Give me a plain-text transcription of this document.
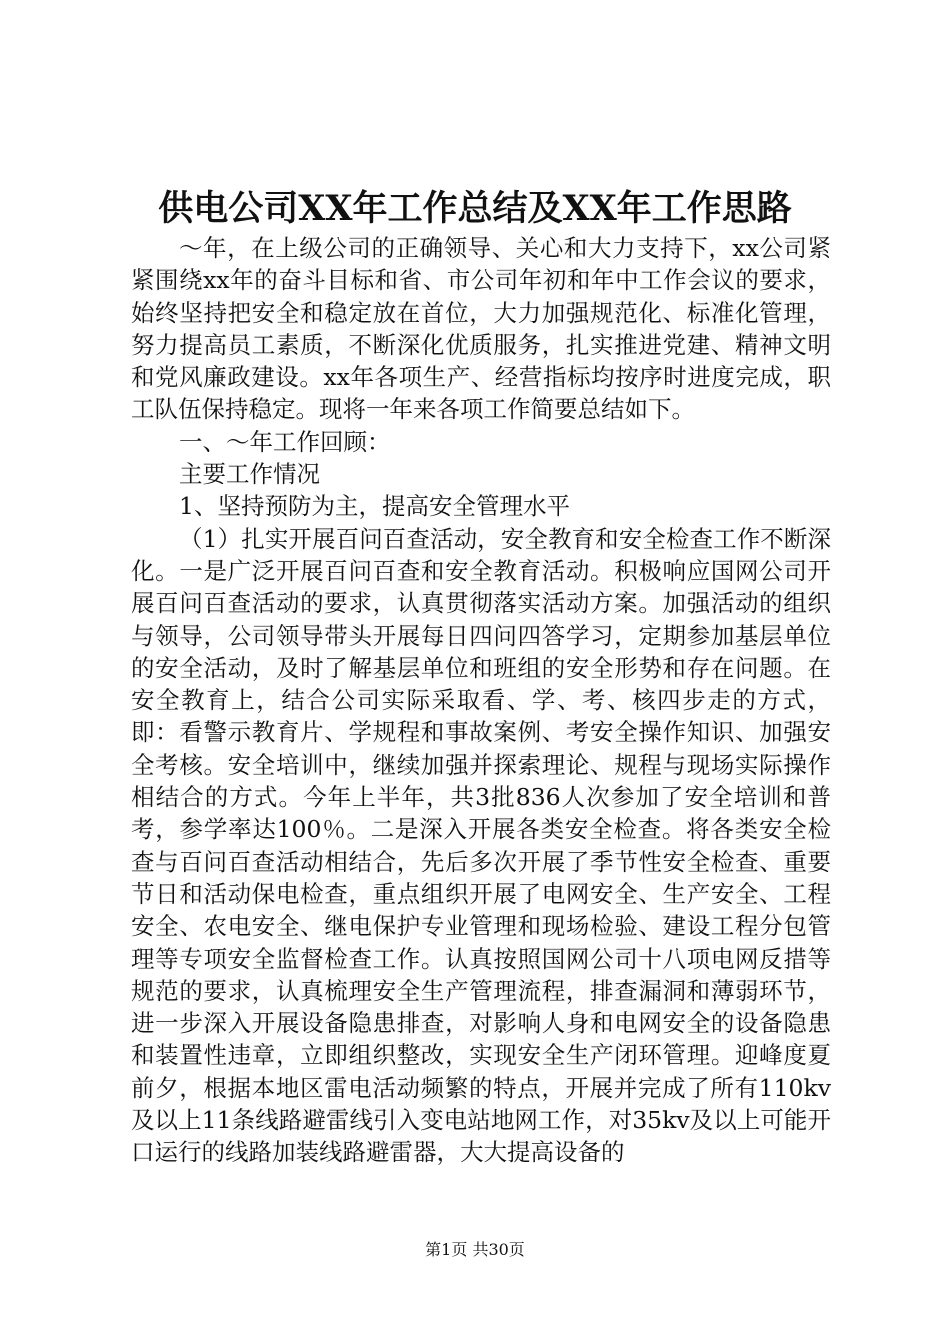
供电公司XX年工作总结及XX年工作思路

～年，在上级公司的正确领导、关心和大力支持下，xx公司紧紧围绕xx年的奋斗目标和省、市公司年初和年中工作会议的要求，始终坚持把安全和稳定放在首位，大力加强规范化、标准化管理，努力提高员工素质，不断深化优质服务，扎实推进党建、精神文明和党风廉政建设。xx年各项生产、经营指标均按序时进度完成，职工队伍保持稳定。现将一年来各项工作简要总结如下。

一、～年工作回顾：

主要工作情况

1、坚持预防为主，提高安全管理水平

（1）扎实开展百问百查活动，安全教育和安全检查工作不断深化。一是广泛开展百问百查和安全教育活动。积极响应国网公司开展百问百查活动的要求，认真贯彻落实活动方案。加强活动的组织与领导，公司领导带头开展每日四问四答学习，定期参加基层单位的安全活动，及时了解基层单位和班组的安全形势和存在问题。在安全教育上，结合公司实际采取看、学、考、核四步走的方式，即：看警示教育片、学规程和事故案例、考安全操作知识、加强安全考核。安全培训中，继续加强并探索理论、规程与现场实际操作相结合的方式。今年上半年，共3批836人次参加了安全培训和普考，参学率达100％。二是深入开展各类安全检查。将各类安全检查与百问百查活动相结合，先后多次开展了季节性安全检查、重要节日和活动保电检查，重点组织开展了电网安全、生产安全、工程安全、农电安全、继电保护专业管理和现场检验、建设工程分包管理等专项安全监督检查工作。认真按照国网公司十八项电网反措等规范的要求，认真梳理安全生产管理流程，排查漏洞和薄弱环节，进一步深入开展设备隐患排查，对影响人身和电网安全的设备隐患和装置性违章，立即组织整改，实现安全生产闭环管理。迎峰度夏前夕，根据本地区雷电活动频繁的特点，开展并完成了所有110kv及以上11条线路避雷线引入变电站地网工作，对35kv及以上可能开口运行的线路加装线路避雷器，大大提高设备的

第1页 共30页
